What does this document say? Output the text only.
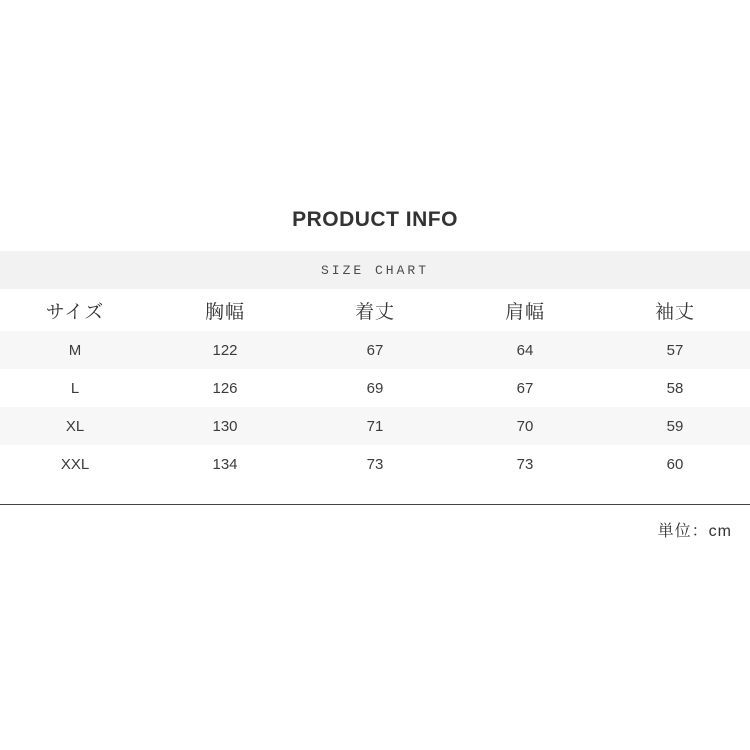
PRODUCT INFO
SIZE CHART				
サイズ	胸幅	着丈	肩幅	袖丈
M	122	67	64	57
L	126	69	67	58
XL	130	71	70	59
XXL	134	73	73	60
単位：cm
